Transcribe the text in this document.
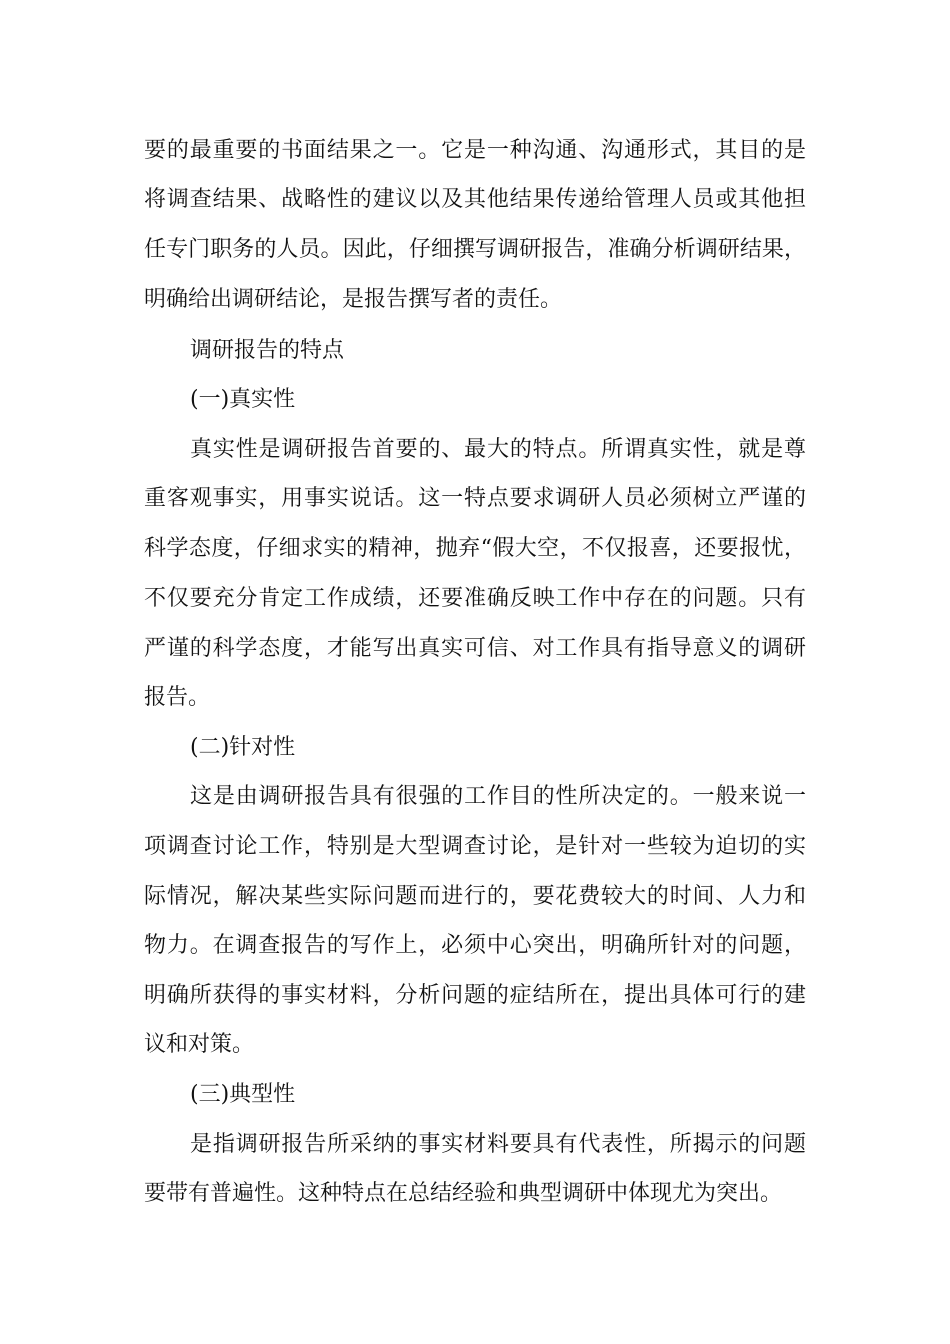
要的最重要的书面结果之一。它是一种沟通、沟通形式，其目的是
将调查结果、战略性的建议以及其他结果传递给管理人员或其他担
任专门职务的人员。因此，仔细撰写调研报告，准确分析调研结果，
明确给出调研结论，是报告撰写者的责任。
调研报告的特点
(一)真实性
真实性是调研报告首要的、最大的特点。所谓真实性，就是尊
重客观事实，用事实说话。这一特点要求调研人员必须树立严谨的
科学态度，仔细求实的精神，抛弃“假大空，不仅报喜，还要报忧，
不仅要充分肯定工作成绩，还要准确反映工作中存在的问题。只有
严谨的科学态度，才能写出真实可信、对工作具有指导意义的调研
报告。
(二)针对性
这是由调研报告具有很强的工作目的性所决定的。一般来说一
项调查讨论工作，特别是大型调查讨论，是针对一些较为迫切的实
际情况，解决某些实际问题而进行的，要花费较大的时间、人力和
物力。在调查报告的写作上，必须中心突出，明确所针对的问题，
明确所获得的事实材料，分析问题的症结所在，提出具体可行的建
议和对策。
(三)典型性
是指调研报告所采纳的事实材料要具有代表性，所揭示的问题
要带有普遍性。这种特点在总结经验和典型调研中体现尤为突出。
